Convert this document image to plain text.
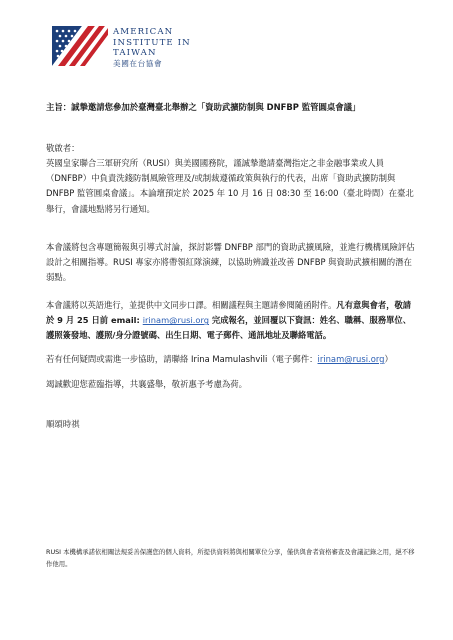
AMERICAN
INSTITUTE IN
TAIWAN
美國在台協會

主旨：誠摯邀請您參加於臺灣臺北舉辦之「資助武擴防制與 DNFBP 監管圓桌會議」

敬啟者：

英國皇家聯合三軍研究所（RUSI）與美國國務院，謹誠摯邀請臺灣指定之非金融事業或人員（DNFBP）中負責洗錢防制風險管理及/或制裁遵循政策與執行的代表，出席「資助武擴防制與 DNFBP 監管圓桌會議」。本論壇預定於 2025 年 10 月 16 日 08:30 至 16:00（臺北時間）在臺北舉行，會議地點將另行通知。

本會議將包含專題簡報與引導式討論，探討影響 DNFBP 部門的資助武擴風險，並進行機構風險評估設計之相關指導。RUSI 專家亦將帶領紅隊演練，以協助辨識並改善 DNFBP 與資助武擴相關的潛在弱點。

本會議將以英語進行，並提供中文同步口譯。相關議程與主題請參閱隨函附件。凡有意與會者，敬請於 9 月 25 日前 email: irinam@rusi.org 完成報名，並回覆以下資訊：姓名、職稱、服務單位、護照簽發地、護照/身分證號碼、出生日期、電子郵件、通訊地址及聯絡電話。

若有任何疑問或需進一步協助，請聯絡 Irina Mamulashvili（電子郵件：irinam@rusi.org）

竭誠歡迎您蒞臨指導，共襄盛舉，敬祈惠予考慮為荷。

順頌時祺

RUSI 本機構承諾依相關法規妥善保護您的個人資料，所提供資料將與相關單位分享，僅供與會者資格審查及會議記錄之用，絕不移作他用。
